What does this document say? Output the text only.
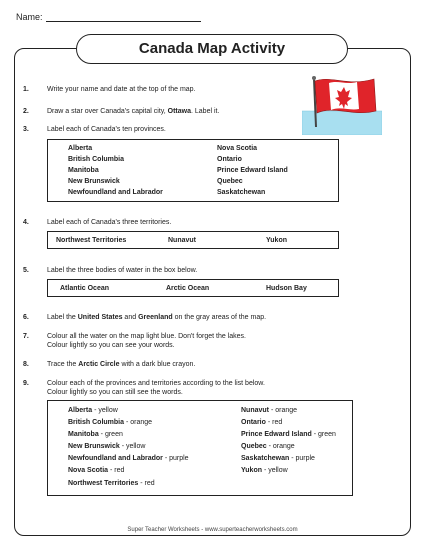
Name:
Canada Map Activity
1.	Write your name and date at the top of the map.
2.	Draw a star over Canada's capital city, Ottawa. Label it.
3.	Label each of Canada's ten provinces.
Alberta
British Columbia
Manitoba
New Brunswick
Newfoundland and Labrador
Nova Scotia
Ontario
Prince Edward Island
Quebec
Saskatchewan
4.	Label each of Canada's three territories.
Northwest Territories	Nunavut	Yukon
5.	Label the three bodies of water in the box below.
Atlantic Ocean	Arctic Ocean	Hudson Bay
6.	Label the United States and Greenland on the gray areas of the map.
7.	Colour all the water on the map light blue. Don't forget the lakes.
Colour lightly so you can see your words.
8.	Trace the Arctic Circle with a dark blue crayon.
9.	Colour each of the provinces and territories according to the list below.
Colour lightly so you can still see the words.
Alberta - yellow
British Columbia - orange
Manitoba - green
New Brunswick - yellow
Newfoundland and Labrador - purple
Nova Scotia - red
Northwest Territories - red
Nunavut - orange
Ontario - red
Prince Edward Island - green
Quebec - orange
Saskatchewan - purple
Yukon - yellow
Super Teacher Worksheets - www.superteacherworksheets.com
